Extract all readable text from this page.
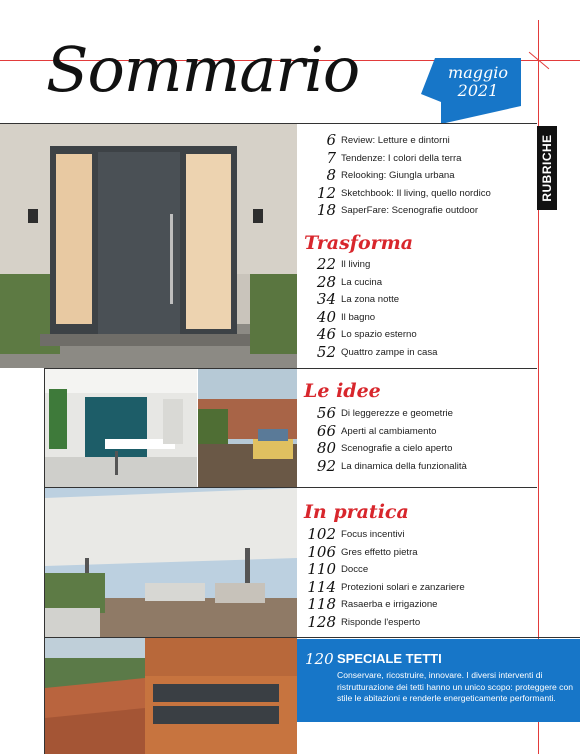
Sommario	maggio
2021
RUBRICHE
6 Review: Letture e dintorni
7 Tendenze: I colori della terra
8 Relooking: Giungla urbana
12 Sketchbook: Il living, quello nordico
18 SaperFare: Scenografie outdoor
Trasforma
22 Il living
28 La cucina
34 La zona notte
40 Il bagno
46 Lo spazio esterno
52 Quattro zampe in casa
Le idee
56 Di leggerezze e geometrie
66 Aperti al cambiamento
80 Scenografie a cielo aperto
92 La dinamica della funzionalità
In pratica
102 Focus incentivi
106 Gres effetto pietra
110 Docce
114 Protezioni solari e zanzariere
118 Rasaerba e irrigazione
128 Risponde l'esperto
120 SPECIALE TETTI
Conservare, ricostruire, innovare. I diversi interventi di ristrutturazione dei tetti hanno un unico scopo: proteggere con stile le abitazioni e renderle energeticamente performanti.
